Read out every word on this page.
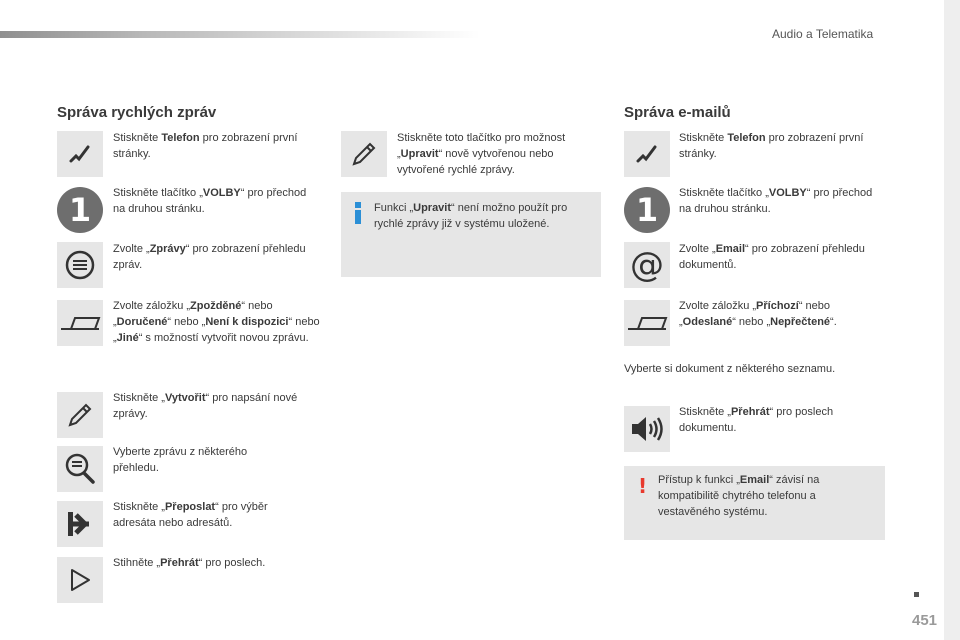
Audio a Telematika
Správa rychlých zpráv
Stiskněte Telefon pro zobrazení první stránky.
1	Stiskněte tlačítko „VOLBY“ pro přechod na druhou stránku.
Zvolte „Zprávy“ pro zobrazení přehledu zpráv.
Zvolte záložku „Zpožděné“ nebo „Doručené“ nebo „Není k dispozici“ nebo „Jiné“ s možností vytvořit novou zprávu.
Stiskněte „Vytvořit“ pro napsání nové zprávy.
Vyberte zprávu z některého přehledu.
Stiskněte „Přeposlat“ pro výběr adresáta nebo adresátů.
Stihněte „Přehrát“ pro poslech.
Stiskněte toto tlačítko pro možnost „Upravit“ nově vytvořenou nebo vytvořené rychlé zprávy.
Funkci „Upravit“ není možno použít pro rychlé zprávy již v systému uložené.
Správa e-mailů
Stiskněte Telefon pro zobrazení první stránky.
1	Stiskněte tlačítko „VOLBY“ pro přechod na druhou stránku.
@ Zvolte „Email“ pro zobrazení přehledu dokumentů.
Zvolte záložku „Příchozí“ nebo „Odeslané“ nebo „Nepřečtené“.
Vyberte si dokument z některého seznamu.
Stiskněte „Přehrát“ pro poslech dokumentu.
! Přístup k funkci „Email“ závisí na kompatibilitě chytrého telefonu a vestavěného systému.
451
